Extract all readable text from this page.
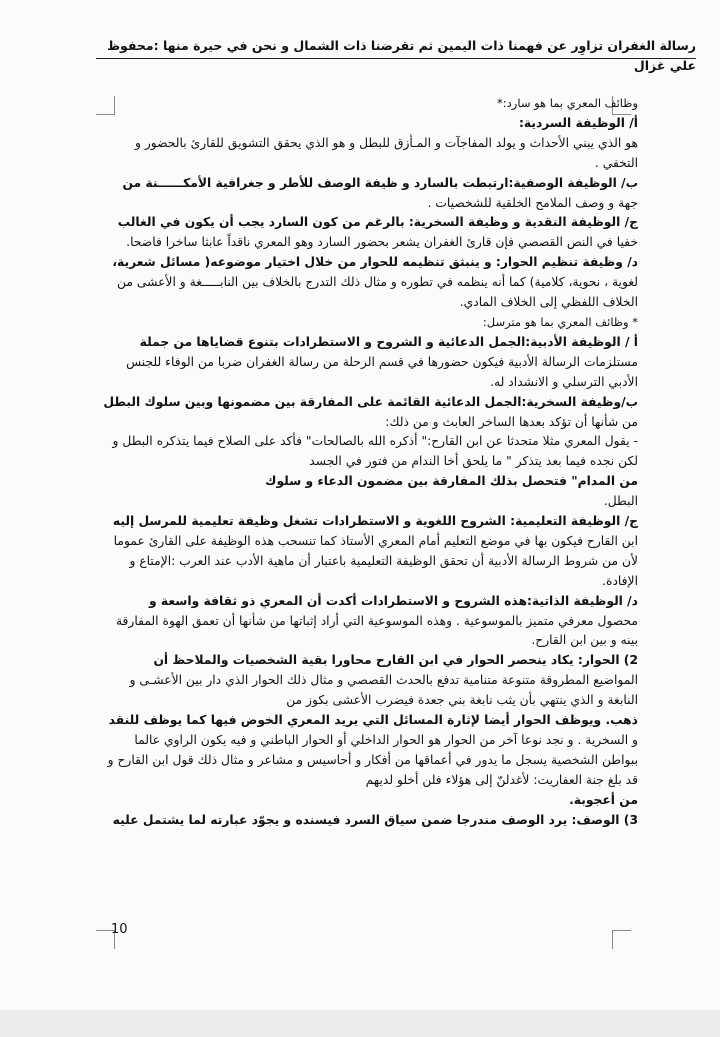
رسالة الغفران تزاوِر عن فهمنا ذات اليمين ثم تقرضنا ذات الشمال و نحن في حيرة منها :محفوظ
علي غزال

وظائف المعري بما هو سارد:*

أ/ الوظيفة السردية:

هو الذي يبني الأحداث و يولد المفاجآت و المـأزق للبطل و هو الذي يحقق التشويق للقارئ بالحضور و التخفي .

ب/ الوظيفة الوصفية:ارتبطت بالسارد و ظيفة الوصف للأطر و جغرافية الأمكــــــنة من

جهة و وصف الملامح الخلقية للشخصيات .

ج/ الوظيفة النقدية و وظيفة السخرية: بالرغم من كون السارد يجب أن يكون في الغالب

خفيا في النص القصصي فإن قارئ الغفران يشعر بحضور السارد وهو المعري ناقداً عابثا ساخرا فاضحا.

د/ وظيفة تنظيم الحوار: و ينبثق تنظيمه للحوار من خلال اختيار موضوعه( مسائل شعرية،

لغوية ، نحوية، كلامية) كما أنه ينظمه في تطوره و مثال ذلك التدرج بالخلاف بين النابـــــغة و الأعشى من الخلاف اللفظي إلى الخلاف المادي.

* وظائف المعري بما هو مترسل:

أ / الوظيفة الأدبية:الجمل الدعائية و الشروح و الاستطرادات بتنوع قضاياها من جملة

مستلزمات الرسالة الأدبية فيكون حضورها في قسم الرحلة من رسالة الغفران ضربا من الوفاء للجنس الأدبي الترسلي و الانشداد له.

ب/وظيفة السخرية:الجمل الدعائية القائمة على المفارقة بين مضمونها وبين سلوك البطل

من شأنها أن تؤكد بعدها الساخر العابث و من ذلك:

- يقول المعري مثلا متحدثا عن ابن القارح:" أذكره الله بالصالحات" فأكد على الصلاح فيما يتذكره البطل و لكن نجده فيما بعد يتذكر " ما يلحق أخا الندام من فتور في الجسد

من المدام" فتحصل بذلك المفارقة بين مضمون الدعاء و سلوك

البطل.

ج/ الوظيفة التعليمية: الشروح اللغوية و الاستطرادات تشغل وظيفة تعليمية للمرسل إليه

ابن القارح فيكون بها في موضع التعليم أمام المعري الأستاذ كما تنسحب هذه الوظيفة على القارئ عموما لأن من شروط الرسالة الأدبية أن تحقق الوظيفة التعليمية باعتبار أن ماهية الأدب عند العرب :الإمتاع و الإفادة.

د/ الوظيفة الذاتية:هذه الشروح و الاستطرادات أكدت أن المعري ذو ثقافة واسعة و

محصول معرفي متميز بالموسوعية . وهذه الموسوعية التي أراد إثباتها من شأنها أن تعمق الهوة المفارقة بينه و بين ابن القارح.

2) الحوار: يكاد ينحصر الحوار في ابن القارح محاورا بقية الشخصيات والملاحظ أن

المواضيع المطروقة متنوعة متنامية تدفع بالحدث القصصي و مثال ذلك الحوار الذي دار بين الأعشـى و النابغة و الذي ينتهي بأن يثب نابغة بني جعدة فيضرب الأعشى بكوز من

ذهب. ويوظف الحوار أيضا لإثارة المسائل التي يريد المعري الخوض فيها كما يوظف للنقد

و السخرية . و نجد نوعا آخر من الحوار هو الحوار الداخلي أو الحوار الباطني و فيه يكون الراوي عالما ببواطن الشخصية يسجل ما يدور في أعماقها من أفكار و أحاسيس و مشاعر و مثال ذلك قول ابن القارح و قد بلغ جنة العفاريت: لأغدلنّ إلى هؤلاء فلن أخلو لديهم

من أعجوبة.

3) الوصف: يرد الوصف مندرجا ضمن سياق السرد فيسنده و يجوّد عبارته لما يشتمل عليه

10
